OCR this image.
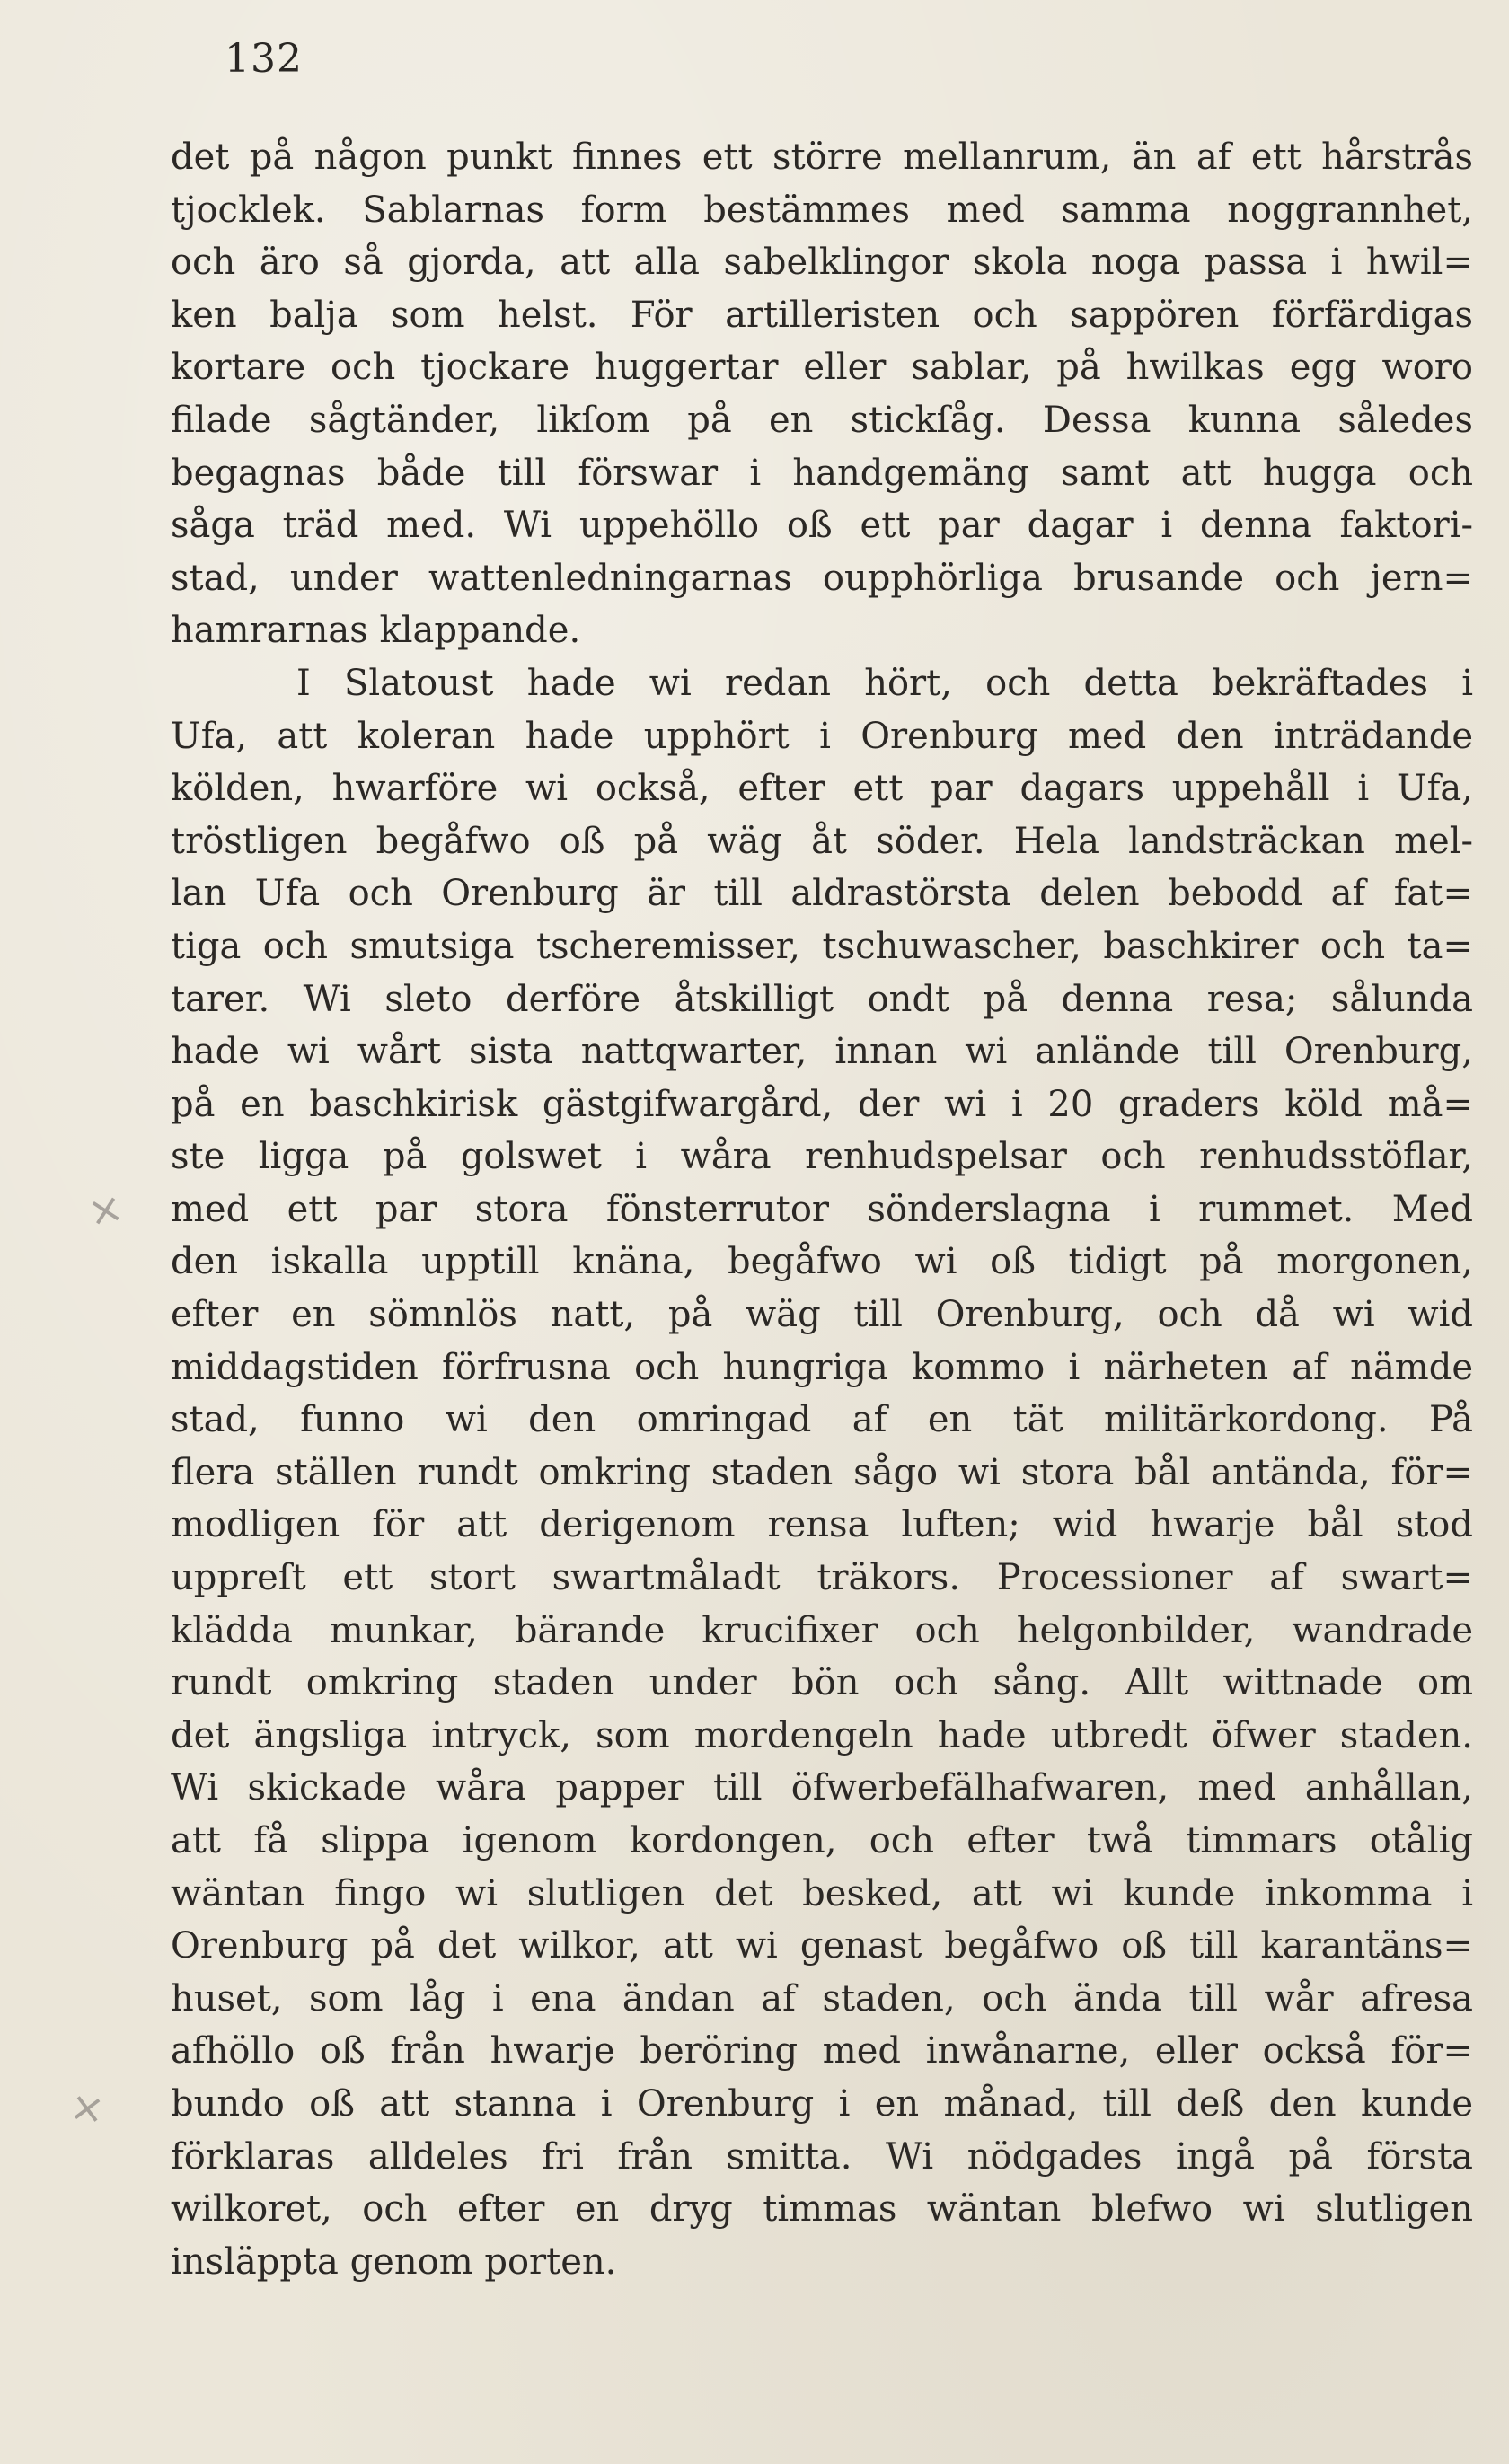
132
×
×
det på någon punkt finnes ett större mellanrum, än af ett hårstrås
tjocklek. Sablarnas form bestämmes med samma noggrannhet,
och äro så gjorda, att alla sabelklingor skola noga passa i hwil=
ken balja som helst. För artilleristen och sappören förfärdigas
kortare och tjockare huggertar eller sablar, på hwilkas egg woro
filade sågtänder, likſom på en stickſåg. Dessa kunna således
begagnas både till förswar i handgemäng samt att hugga och
såga träd med. Wi uppehöllo oß ett par dagar i denna faktori-
stad, under wattenledningarnas oupphörliga brusande och jern=
hamrarnas klappande.
I Slatoust hade wi redan hört, och detta bekräftades i
Ufa, att koleran hade upphört i Orenburg med den inträdande
kölden, hwarföre wi också, efter ett par dagars uppehåll i Ufa,
tröstligen begåfwo oß på wäg åt söder. Hela landsträckan mel-
lan Ufa och Orenburg är till aldrastörsta delen bebodd af fat=
tiga och smutsiga tscheremisser, tschuwascher, baschkirer och ta=
tarer. Wi sleto derföre åtskilligt ondt på denna resa; sålunda
hade wi wårt sista nattqwarter, innan wi anlände till Orenburg,
på en baschkirisk gästgifwargård, der wi i 20 graders köld må=
ste ligga på golswet i wåra renhudspelsar och renhudsstöflar,
med ett par stora fönsterrutor sönderslagna i rummet. Med
den iskalla upptill knäna, begåfwo wi oß tidigt på morgonen,
efter en sömnlös natt, på wäg till Orenburg, och då wi wid
middagstiden förfrusna och hungriga kommo i närheten af nämde
stad, funno wi den omringad af en tät militärkordong. På
flera ställen rundt omkring staden sågo wi stora bål antända, för=
modligen för att derigenom rensa luften; wid hwarje bål stod
uppreſt ett stort swartmåladt träkors. Processioner af swart=
klädda munkar, bärande krucifixer och helgonbilder, wandrade
rundt omkring staden under bön och sång. Allt wittnade om
det ängsliga intryck, som mordengeln hade utbredt öfwer staden.
Wi skickade wåra papper till öfwerbefälhafwaren, med anhållan,
att få slippa igenom kordongen, och efter twå timmars otålig
wäntan fingo wi slutligen det besked, att wi kunde inkomma i
Orenburg på det wilkor, att wi genast begåfwo oß till karantäns=
huset, som låg i ena ändan af staden, och ända till wår afresa
afhöllo oß från hwarje beröring med inwånarne, eller också för=
bundo oß att stanna i Orenburg i en månad, till deß den kunde
förklaras alldeles fri från smitta. Wi nödgades ingå på första
wilkoret, och efter en dryg timmas wäntan blefwo wi slutligen
insläppta genom porten.
